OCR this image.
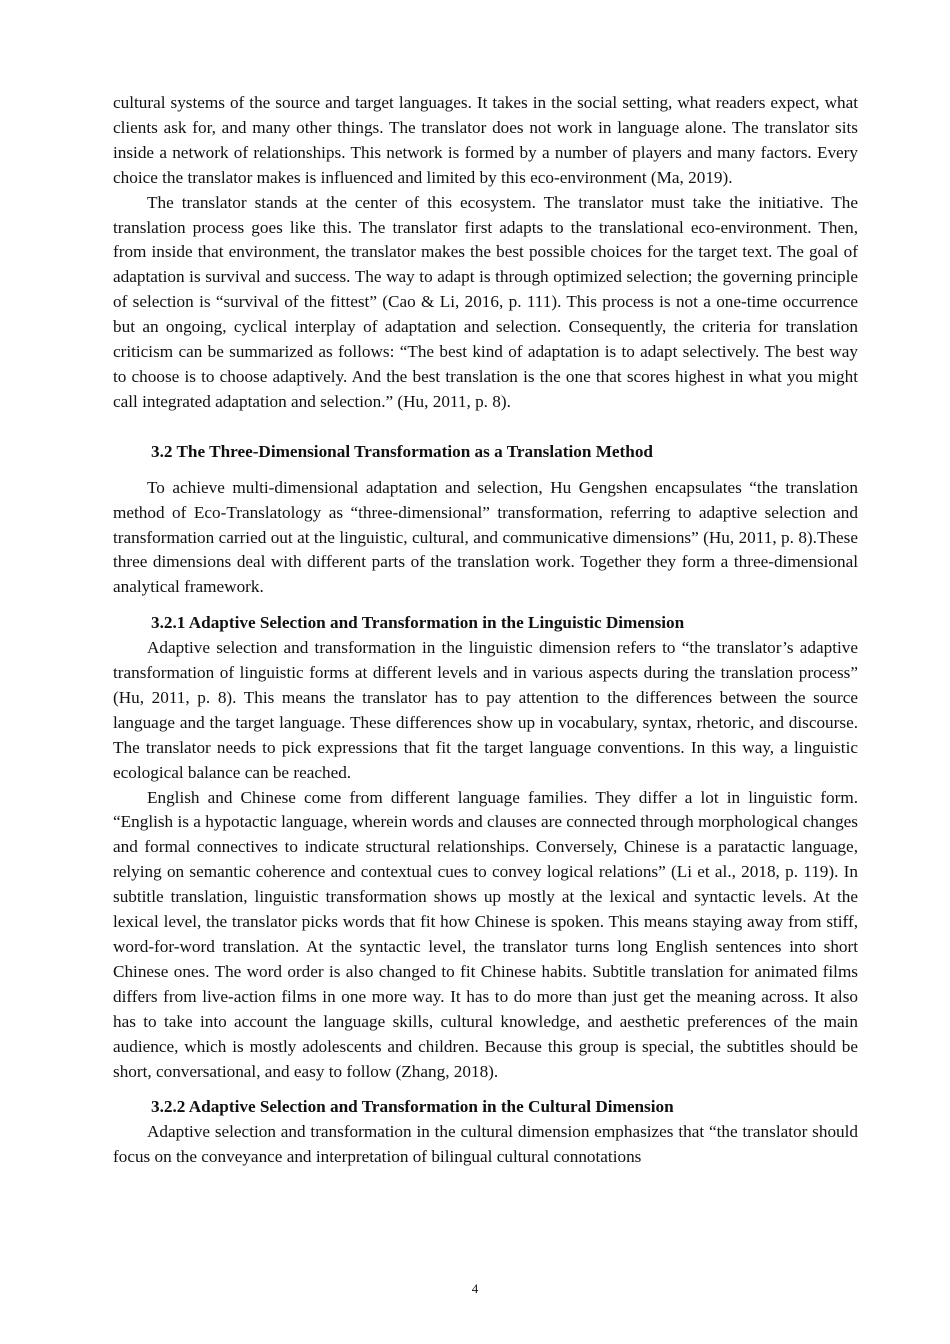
cultural systems of the source and target languages. It takes in the social setting, what readers expect, what clients ask for, and many other things. The translator does not work in language alone. The translator sits inside a network of relationships. This network is formed by a number of players and many factors. Every choice the translator makes is influenced and limited by this eco-environment (Ma, 2019).

The translator stands at the center of this ecosystem. The translator must take the initiative. The translation process goes like this. The translator first adapts to the translational eco-environment. Then, from inside that environment, the translator makes the best possible choices for the target text. The goal of adaptation is survival and success. The way to adapt is through optimized selection; the governing principle of selection is “survival of the fittest” (Cao & Li, 2016, p. 111). This process is not a one-time occurrence but an ongoing, cyclical interplay of adaptation and selection. Consequently, the criteria for translation criticism can be summarized as follows: “The best kind of adaptation is to adapt selectively. The best way to choose is to choose adaptively. And the best translation is the one that scores highest in what you might call integrated adaptation and selection.” (Hu, 2011, p. 8).

3.2 The Three-Dimensional Transformation as a Translation Method

To achieve multi-dimensional adaptation and selection, Hu Gengshen encapsulates “the translation method of Eco-Translatology as “three-dimensional” transformation, referring to adaptive selection and transformation carried out at the linguistic, cultural, and communicative dimensions” (Hu, 2011, p. 8).These three dimensions deal with different parts of the translation work. Together they form a three-dimensional analytical framework.

3.2.1 Adaptive Selection and Transformation in the Linguistic Dimension

Adaptive selection and transformation in the linguistic dimension refers to “the translator’s adaptive transformation of linguistic forms at different levels and in various aspects during the translation process” (Hu, 2011, p. 8). This means the translator has to pay attention to the differences between the source language and the target language. These differences show up in vocabulary, syntax, rhetoric, and discourse. The translator needs to pick expressions that fit the target language conventions. In this way, a linguistic ecological balance can be reached.

English and Chinese come from different language families. They differ a lot in linguistic form. “English is a hypotactic language, wherein words and clauses are connected through morphological changes and formal connectives to indicate structural relationships. Conversely, Chinese is a paratactic language, relying on semantic coherence and contextual cues to convey logical relations” (Li et al., 2018, p. 119). In subtitle translation, linguistic transformation shows up mostly at the lexical and syntactic levels. At the lexical level, the translator picks words that fit how Chinese is spoken. This means staying away from stiff, word-for-word translation. At the syntactic level, the translator turns long English sentences into short Chinese ones. The word order is also changed to fit Chinese habits. Subtitle translation for animated films differs from live-action films in one more way. It has to do more than just get the meaning across. It also has to take into account the language skills, cultural knowledge, and aesthetic preferences of the main audience, which is mostly adolescents and children. Because this group is special, the subtitles should be short, conversational, and easy to follow (Zhang, 2018).

3.2.2 Adaptive Selection and Transformation in the Cultural Dimension

Adaptive selection and transformation in the cultural dimension emphasizes that “the translator should focus on the conveyance and interpretation of bilingual cultural connotations

4
